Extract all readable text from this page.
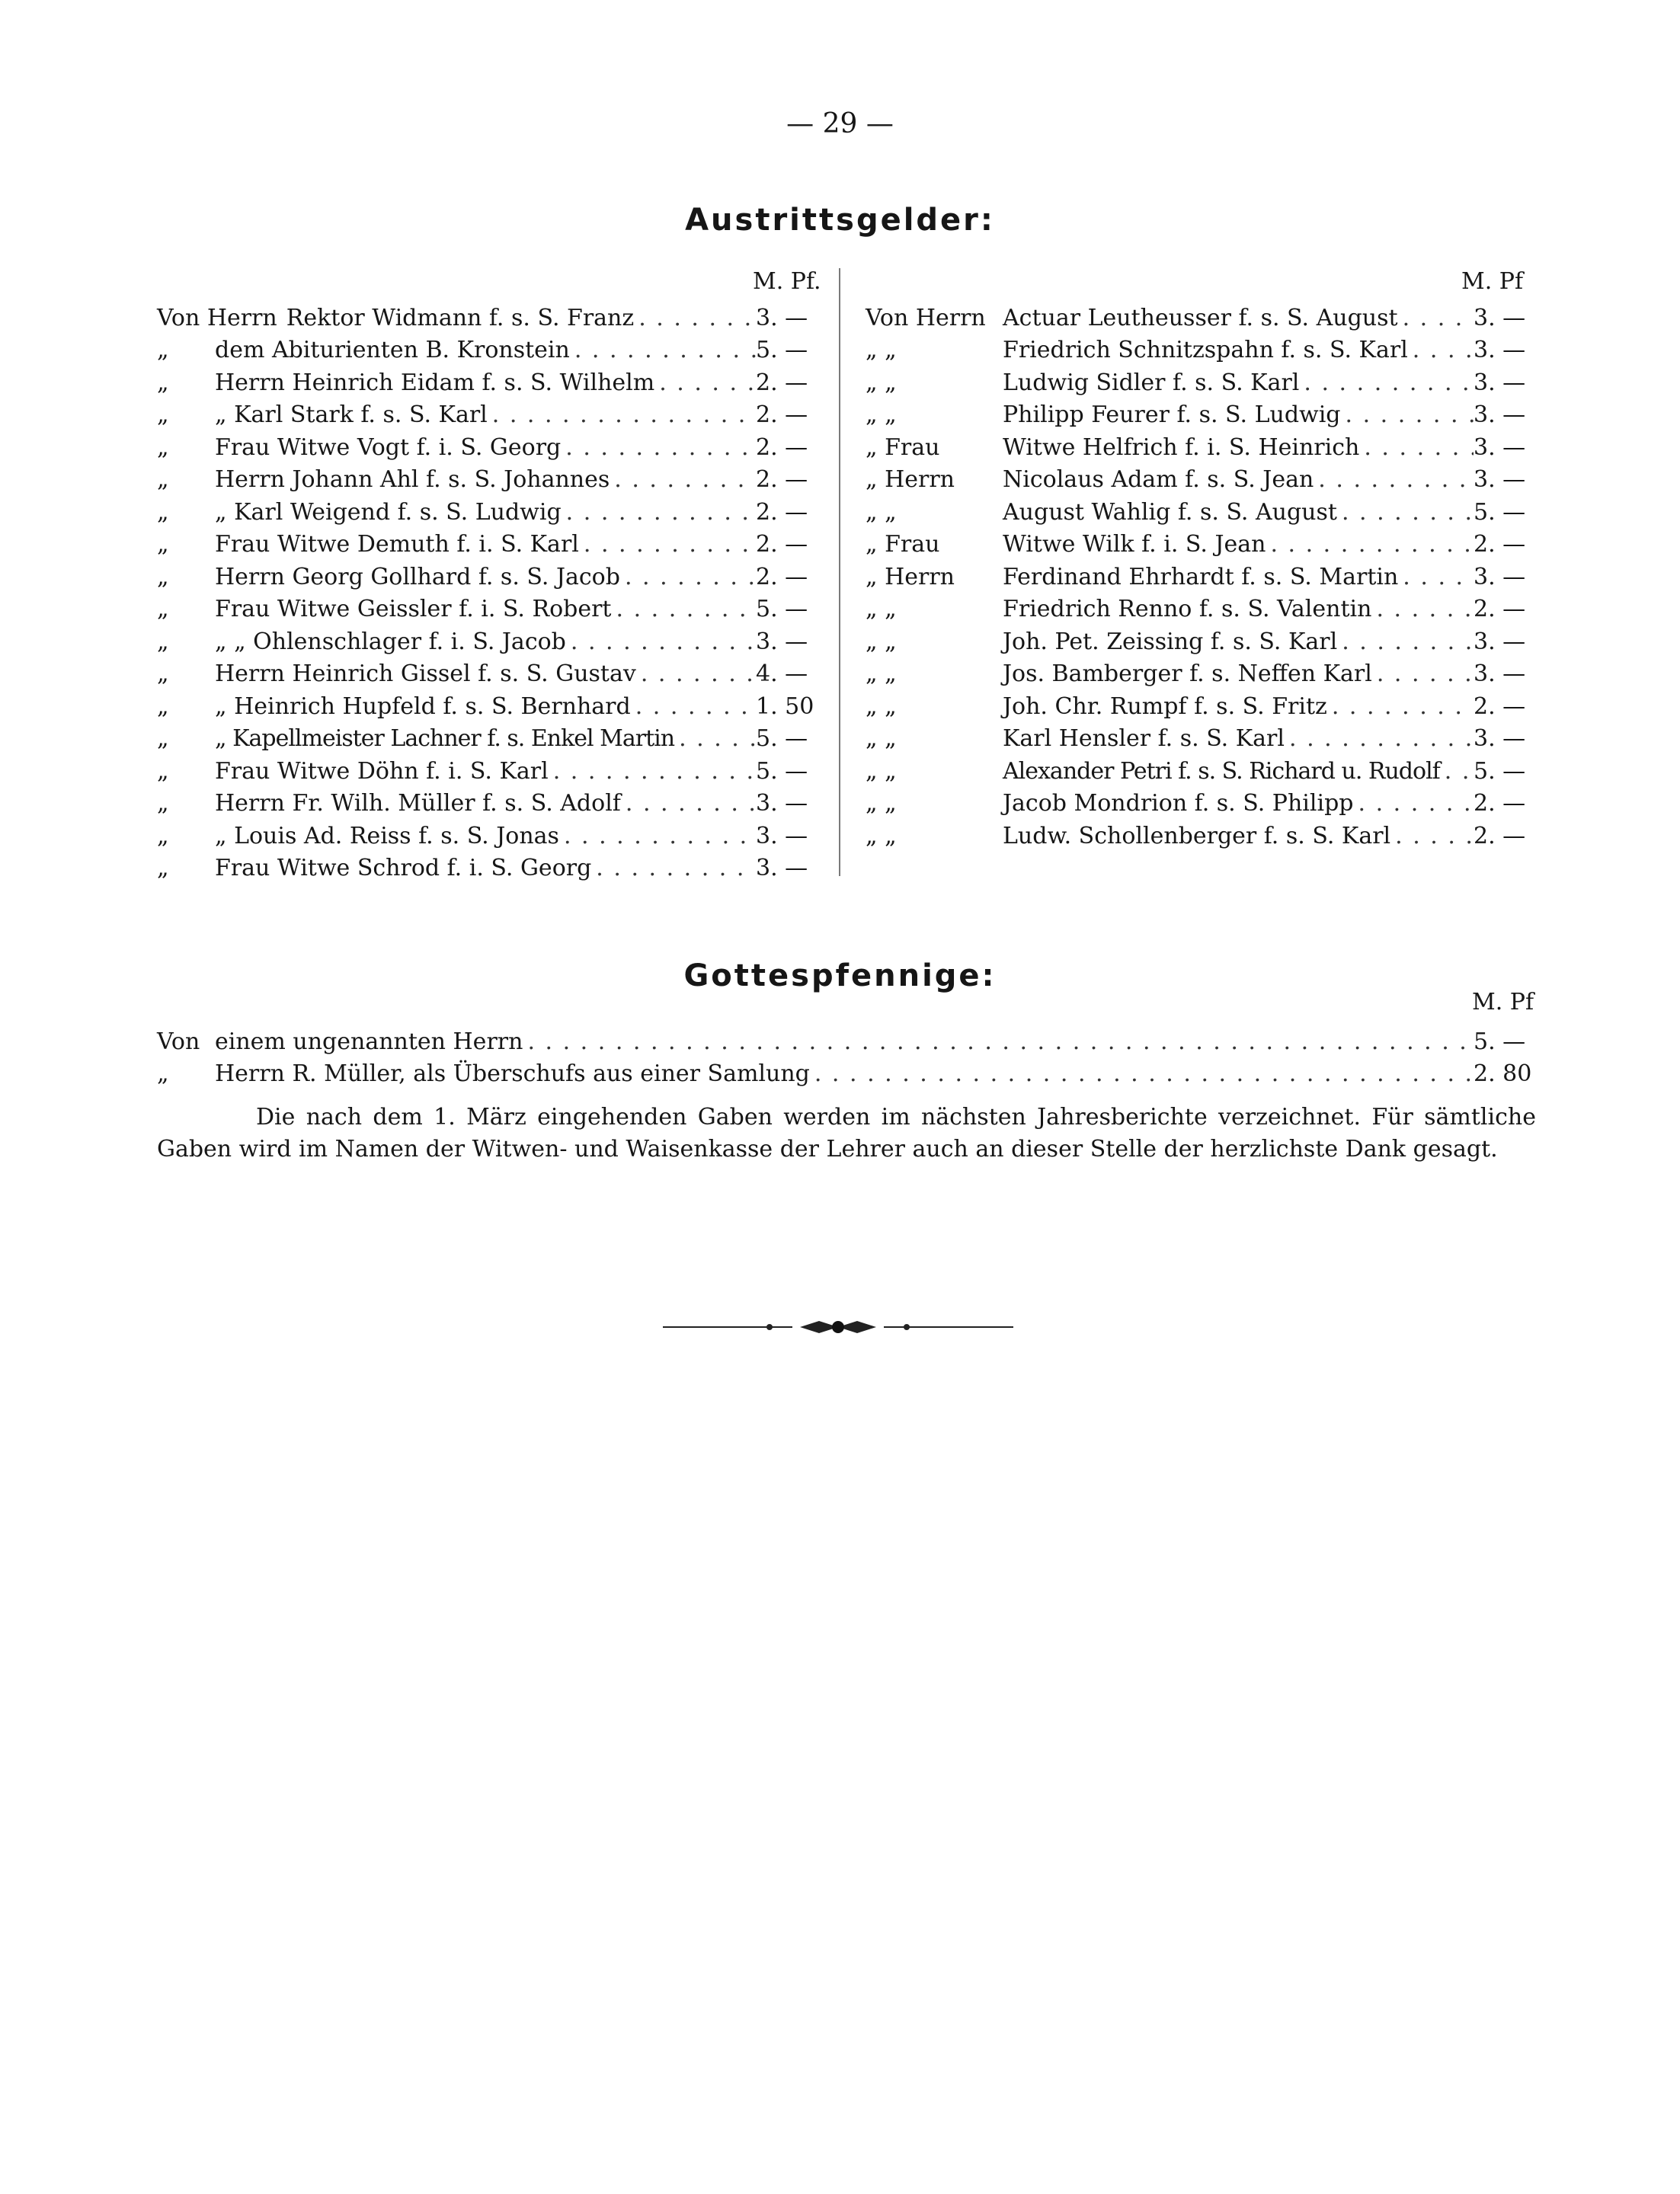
— 29 —
Austrittsgelder:
M. Pf.	M. Pf
Von Herrn Rektor Widmann f. s. S. Franz . . .	3. —
„	dem Abiturienten B. Kronstein . . .	5. —
„	Herrn Heinrich Eidam f. s. S. Wilhelm . . .	2. —
„	„ Karl Stark f. s. S. Karl . . .	2. —
„	Frau Witwe Vogt f. i. S. Georg . . .	2. —
„	Herrn Johann Ahl f. s. S. Johannes . . .	2. —
„	„ Karl Weigend f. s. S. Ludwig . . .	2. —
„	Frau Witwe Demuth f. i. S. Karl . . .	2. —
„	Herrn Georg Gollhard f. s. S. Jacob . . .	2. —
„	Frau Witwe Geissler f. i. S. Robert . . .	5. —
„	„ „ Ohlenschlager f. i. S. Jacob . . .	3. —
„	Herrn Heinrich Gissel f. s. S. Gustav . . .	4. —
„	„ Heinrich Hupfeld f. s. S. Bernhard . . .	1. 50
„	„ Kapellmeister Lachner f. s. Enkel Martin . . .	5. —
„	Frau Witwe Döhn f. i. S. Karl . . .	5. —
„	Herrn Fr. Wilh. Müller f. s. S. Adolf . . .	3. —
„	„ Louis Ad. Reiss f. s. S. Jonas . . .	3. —
„	Frau Witwe Schrod f. i. S. Georg . . .	3. —
Von Herrn Actuar Leutheusser f. s. S. August . . .	3. —
„ „	Friedrich Schnitzspahn f. s. S. Karl . . .	3. —
„ „	Ludwig Sidler f. s. S. Karl . . .	3. —
„ „	Philipp Feurer f. s. S. Ludwig . . .	3. —
„ Frau	Witwe Helfrich f. i. S. Heinrich . . .	3. —
„ Herrn	Nicolaus Adam f. s. S. Jean . . .	3. —
„ „	August Wahlig f. s. S. August . . .	5. —
„ Frau	Witwe Wilk f. i. S. Jean . . .	2. —
„ Herrn	Ferdinand Ehrhardt f. s. S. Martin . . .	3. —
„ „	Friedrich Renno f. s. S. Valentin . . .	2. —
„ „	Joh. Pet. Zeissing f. s. S. Karl . . .	3. —
„ „	Jos. Bamberger f. s. Neffen Karl . . .	3. —
„ „	Joh. Chr. Rumpf f. s. S. Fritz . . .	2. —
„ „	Karl Hensler f. s. S. Karl . . .	3. —
„ „	Alexander Petri f. s. S. Richard u. Rudolf . . . 5. —
„ „	Jacob Mondrion f. s. S. Philipp . . .	2. —
„ „	Ludw. Schollenberger f. s. S. Karl . . .	2. —
Gottespfennige:
M. Pf
Von einem ungenannten Herrn . . .	5. —
„	Herrn R. Müller, als Überschufs aus einer Samlung . . .	2. 80

Die nach dem 1. März eingehenden Gaben werden im nächsten Jahresberichte verzeichnet. Für sämtliche

Gaben wird im Namen der Witwen- und Waisenkasse der Lehrer auch an dieser Stelle der herzlichste Dank gesagt.
